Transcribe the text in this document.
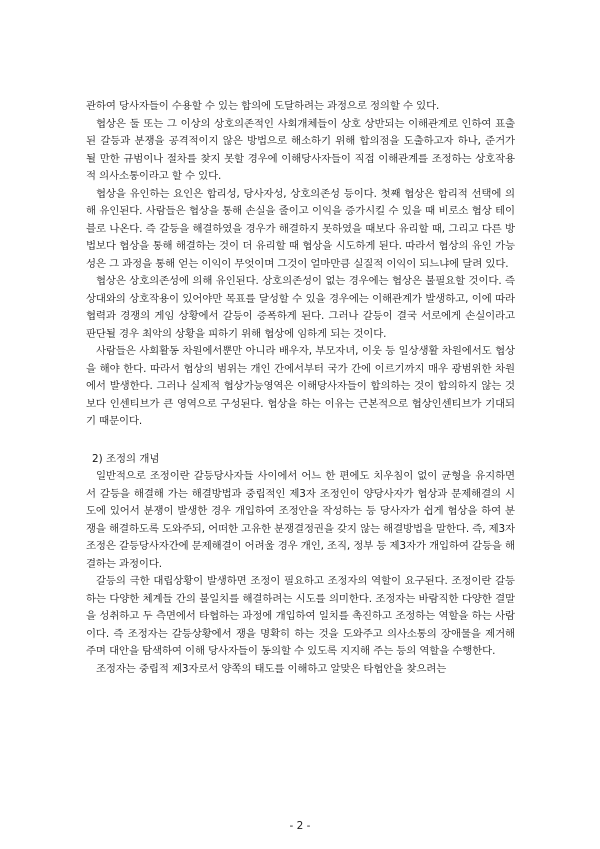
관하여 당사자들이 수용할 수 있는 합의에 도달하려는 과정으로 정의할 수 있다.

협상은 둘 또는 그 이상의 상호의존적인 사회개체들이 상호 상반되는 이해관계로 인하여 표출된 갈등과 분쟁을 공격적이지 않은 방법으로 해소하기 위해 합의점을 도출하고자 하나, 준거가 될 만한 규범이나 절차를 찾지 못할 경우에 이해당사자들이 직접 이해관계를 조정하는 상호작용적 의사소통이라고 할 수 있다.

협상을 유인하는 요인은 합리성, 당사자성, 상호의존성 등이다. 첫째 협상은 합리적 선택에 의해 유인된다. 사람들은 협상을 통해 손실을 줄이고 이익을 증가시킬 수 있을 때 비로소 협상 테이블로 나온다. 즉 갈등을 해결하였을 경우가 해결하지 못하였을 때보다 유리할 때, 그리고 다른 방법보다 협상을 통해 해결하는 것이 더 유리할 때 협상을 시도하게 된다. 따라서 협상의 유인 가능성은 그 과정을 통해 얻는 이익이 무엇이며 그것이 얼마만큼 실질적 이익이 되느냐에 달려 있다.

협상은 상호의존성에 의해 유인된다. 상호의존성이 없는 경우에는 협상은 불필요할 것이다. 즉 상대와의 상호작용이 있어야만 목표를 달성할 수 있을 경우에는 이해관계가 발생하고, 이에 따라 협력과 경쟁의 게임 상황에서 갈등이 증폭하게 된다. 그러나 갈등이 결국 서로에게 손실이라고 판단될 경우 최악의 상황을 피하기 위해 협상에 임하게 되는 것이다.

사람들은 사회활동 차원에서뿐만 아니라 배우자, 부모자녀, 이웃 등 일상생활 차원에서도 협상을 해야 한다. 따라서 협상의 범위는 개인 간에서부터 국가 간에 이르기까지 매우 광범위한 차원에서 발생한다. 그러나 실제적 협상가능영역은 이해당사자들이 합의하는 것이 합의하지 않는 것보다 인센티브가 큰 영역으로 구성된다. 협상을 하는 이유는 근본적으로 협상인센티브가 기대되기 때문이다.

2) 조정의 개념

일반적으로 조정이란 갈등당사자들 사이에서 어느 한 편에도 치우침이 없이 균형을 유지하면서 갈등을 해결해 가는 해결방법과 중립적인 제3자 조정인이 양당사자가 협상과 문제해결의 시도에 있어서 분쟁이 발생한 경우 개입하여 조정안을 작성하는 등 당사자가 쉽게 협상을 하여 분쟁을 해결하도록 도와주되, 어떠한 고유한 분쟁결정권을 갖지 않는 해결방법을 말한다. 즉, 제3자 조정은 갈등당사자간에 문제해결이 어려울 경우 개인, 조직, 정부 등 제3자가 개입하여 갈등을 해결하는 과정이다.

갈등의 극한 대립상황이 발생하면 조정이 필요하고 조정자의 역할이 요구된다. 조정이란 갈등하는 다양한 체계들 간의 불일치를 해결하려는 시도를 의미한다. 조정자는 바람직한 다양한 결말을 성취하고 두 측면에서 타협하는 과정에 개입하여 일치를 촉진하고 조정하는 역할을 하는 사람이다. 즉 조정자는 갈등상황에서 쟁을 명확히 하는 것을 도와주고 의사소통의 장애물을 제거해 주며 대안을 탐색하여 이해 당사자들이 동의할 수 있도록 지지해 주는 등의 역할을 수행한다.

조정자는 중립적 제3자로서 양쪽의 태도를 이해하고 알맞은 타협안을 찾으려는

- 2 -
